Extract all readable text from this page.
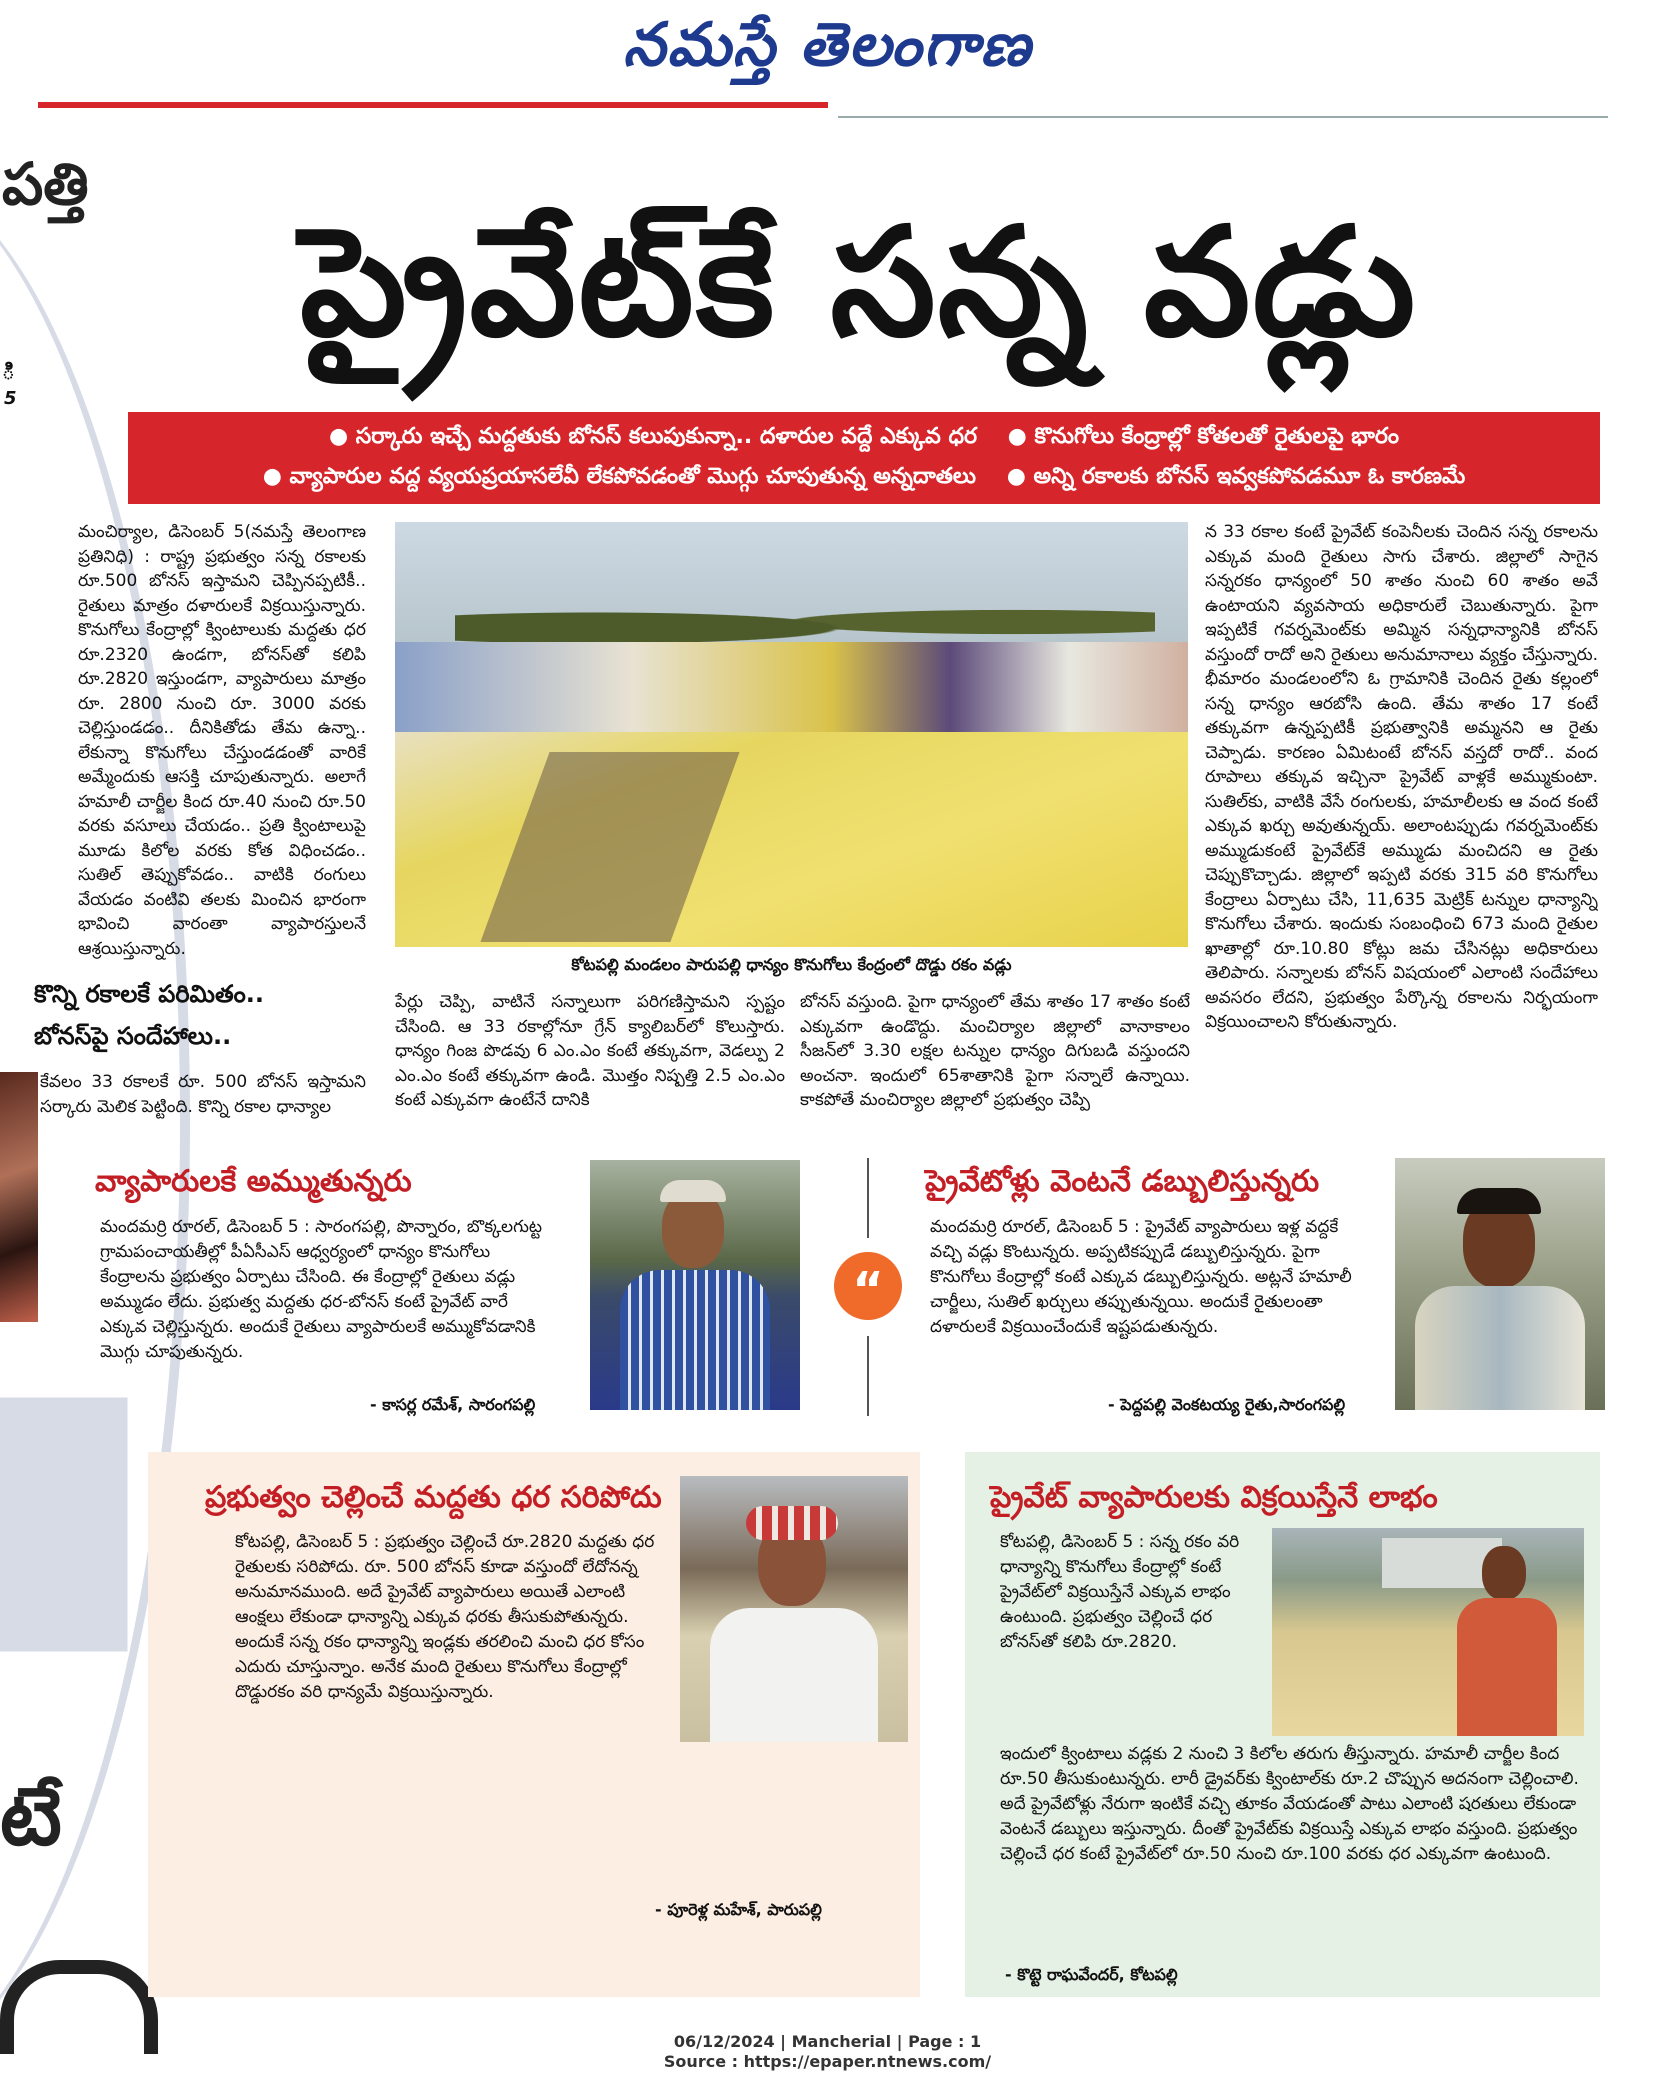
నమస్తే తెలంగాణ
పత్తి
ి
5
టే
ప్రైవేట్‌కే సన్న వడ్లు
● సర్కారు ఇచ్చే మద్దతుకు బోనస్ కలుపుకున్నా.. దళారుల వద్దే ఎక్కువ ధర ● కొనుగోలు కేంద్రాల్లో కోతలతో రైతులపై భారం
● వ్యాపారుల వద్ద వ్యయప్రయాసలేవీ లేకపోవడంతో మొగ్గు చూపుతున్న అన్నదాతలు ● అన్ని రకాలకు బోనస్ ఇవ్వకపోవడమూ ఓ కారణమే
మంచిర్యాల, డిసెంబర్ 5(నమస్తే తెలంగాణ ప్రతినిధి) : రాష్ట్ర ప్రభుత్వం సన్న రకాలకు రూ.500 బోనస్ ఇస్తామని చెప్పినప్పటికీ.. రైతులు మాత్రం దళారులకే విక్రయిస్తున్నారు. కొనుగోలు కేంద్రాల్లో క్వింటాలుకు మద్దతు ధర రూ.2320 ఉండగా, బోనస్‌తో కలిపి రూ.2820 ఇస్తుండగా, వ్యాపారులు మాత్రం రూ. 2800 నుంచి రూ. 3000 వరకు చెల్లిస్తుండడం.. దీనికితోడు తేమ ఉన్నా.. లేకున్నా కొనుగోలు చేస్తుండడంతో వారికే అమ్మేందుకు ఆసక్తి చూపుతున్నారు. అలాగే హమాలీ చార్జీల కింద రూ.40 నుంచి రూ.50 వరకు వసూలు చేయడం.. ప్రతి క్వింటాలుపై మూడు కిలోల వరకు కోత విధించడం.. సుతిల్ తెప్పుకోవడం.. వాటికి రంగులు వేయడం వంటివి తలకు మించిన భారంగా భావించి వారంతా వ్యాపారస్తులనే ఆశ్రయిస్తున్నారు.
కొన్ని రకాలకే పరిమితం..
బోనస్‌పై సందేహాలు..
కేవలం 33 రకాలకే రూ. 500 బోనస్ ఇస్తామని సర్కారు మెలిక పెట్టింది. కొన్ని రకాల ధాన్యాల
కోటపల్లి మండలం పారుపల్లి ధాన్యం కొనుగోలు కేంద్రంలో దొడ్డు రకం వడ్లు
పేర్లు చెప్పి, వాటినే సన్నాలుగా పరిగణిస్తామని స్పష్టం చేసింది. ఆ 33 రకాల్లోనూ గ్రేన్ క్యాలిబర్‌లో కొలుస్తారు. ధాన్యం గింజ పొడవు 6 ఎం.ఎం కంటే తక్కువగా, వెడల్పు 2 ఎం.ఎం కంటే తక్కువగా ఉండి. మొత్తం నిష్పత్తి 2.5 ఎం.ఎం కంటే ఎక్కువగా ఉంటేనే దానికి
బోనస్ వస్తుంది. పైగా ధాన్యంలో తేమ శాతం 17 శాతం కంటే ఎక్కువగా ఉండొద్దు. మంచిర్యాల జిల్లాలో వానాకాలం సీజన్‌లో 3.30 లక్షల టన్నుల ధాన్యం దిగుబడి వస్తుందని అంచనా. ఇందులో 65శాతానికి పైగా సన్నాలే ఉన్నాయి. కాకపోతే మంచిర్యాల జిల్లాలో ప్రభుత్వం చెప్పి
న 33 రకాల కంటే ప్రైవేట్ కంపెనీలకు చెందిన సన్న రకాలను ఎక్కువ మంది రైతులు సాగు చేశారు. జిల్లాలో సాగైన సన్నరకం ధాన్యంలో 50 శాతం నుంచి 60 శాతం అవే ఉంటాయని వ్యవసాయ అధికారులే చెబుతున్నారు. పైగా ఇప్పటికే గవర్నమెంట్‌కు అమ్మిన సన్నధాన్యానికి బోనస్ వస్తుందో రాదో అని రైతులు అనుమానాలు వ్యక్తం చేస్తున్నారు. భీమారం మండలంలోని ఓ గ్రామానికి చెందిన రైతు కల్లంలో సన్న ధాన్యం ఆరబోసి ఉంది. తేమ శాతం 17 కంటే తక్కువగా ఉన్నప్పటికీ ప్రభుత్వానికి అమ్మనని ఆ రైతు చెప్పాడు. కారణం ఏమిటంటే బోనస్ వస్తదో రాదో.. వంద రూపాలు తక్కువ ఇచ్చినా ప్రైవేట్ వాళ్లకే అమ్ముకుంటా. సుతిల్‌కు, వాటికి వేసే రంగులకు, హమాలీలకు ఆ వంద కంటే ఎక్కువ ఖర్చు అవుతున్నయ్. అలాంటప్పుడు గవర్నమెంట్‌కు అమ్ముడుకంటే ప్రైవేట్‌కే అమ్ముడు మంచిదని ఆ రైతు చెప్పుకొచ్చాడు. జిల్లాలో ఇప్పటి వరకు 315 వరి కొనుగోలు కేంద్రాలు ఏర్పాటు చేసి, 11,635 మెట్రిక్ టన్నుల ధాన్యాన్ని కొనుగోలు చేశారు. ఇందుకు సంబంధించి 673 మంది రైతుల ఖాతాల్లో రూ.10.80 కోట్లు జమ చేసినట్లు అధికారులు తెలిపారు. సన్నాలకు బోనస్ విషయంలో ఎలాంటి సందేహాలు అవసరం లేదని, ప్రభుత్వం పేర్కొన్న రకాలను నిర్భయంగా విక్రయించాలని కోరుతున్నారు.
వ్యాపారులకే అమ్ముతున్నరు
మందమర్రి రూరల్, డిసెంబర్ 5 : సారంగపల్లి, పొన్నారం, బొక్కలగుట్ట గ్రామపంచాయతీల్లో పీఏసీఎస్ ఆధ్వర్యంలో ధాన్యం కొనుగోలు కేంద్రాలను ప్రభుత్వం ఏర్పాటు చేసింది. ఈ కేంద్రాల్లో రైతులు వడ్లు అమ్ముడం లేదు. ప్రభుత్వ మద్దతు ధర-బోనస్ కంటే ప్రైవేట్ వారే ఎక్కువ చెల్లిస్తున్నరు. అందుకే రైతులు వ్యాపారులకే అమ్ముకోవడానికి మొగ్గు చూపుతున్నరు.
- కాసర్ల రమేశ్, సారంగపల్లి
“
ప్రైవేటోళ్లు వెంటనే డబ్బులిస్తున్నరు
మందమర్రి రూరల్, డిసెంబర్ 5 : ప్రైవేట్ వ్యాపారులు ఇళ్ల వద్దకే వచ్చి వడ్లు కొంటున్నరు. అప్పటికప్పుడే డబ్బులిస్తున్నరు. పైగా కొనుగోలు కేంద్రాల్లో కంటే ఎక్కువ డబ్బులిస్తున్నరు. అట్లనే హమాలీ చార్జీలు, సుతిల్ ఖర్చులు తప్పుతున్నయి. అందుకే రైతులంతా దళారులకే విక్రయించేందుకే ఇష్టపడుతున్నరు.
- పెద్దపల్లి వెంకటయ్య రైతు,సారంగపల్లి
ప్రభుత్వం చెల్లించే మద్దతు ధర సరిపోదు
కోటపల్లి, డిసెంబర్ 5 : ప్రభుత్వం చెల్లించే రూ.2820 మద్దతు ధర రైతులకు సరిపోదు. రూ. 500 బోనస్ కూడా వస్తుందో లేదోనన్న అనుమానముంది. అదే ప్రైవేట్ వ్యాపారులు అయితే ఎలాంటి ఆంక్షలు లేకుండా ధాన్యాన్ని ఎక్కువ ధరకు తీసుకుపోతున్నరు. అందుకే సన్న రకం ధాన్యాన్ని ఇండ్లకు తరలించి మంచి ధర కోసం ఎదురు చూస్తున్నాం. అనేక మంది రైతులు కొనుగోలు కేంద్రాల్లో దొడ్డురకం వరి ధాన్యమే విక్రయిస్తున్నారు.
- పూరెళ్ల మహేశ్, పారుపల్లి
ప్రైవేట్ వ్యాపారులకు విక్రయిస్తేనే లాభం
కోటపల్లి, డిసెంబర్ 5 : సన్న రకం వరి ధాన్యాన్ని కొనుగోలు కేంద్రాల్లో కంటే ప్రైవేట్‌లో విక్రయిస్తేనే ఎక్కువ లాభం ఉంటుంది. ప్రభుత్వం చెల్లించే ధర బోనస్‌తో కలిపి రూ.2820.
ఇందులో క్వింటాలు వడ్లకు 2 నుంచి 3 కిలోల తరుగు తీస్తున్నారు. హమాలీ చార్జీల కింద రూ.50 తీసుకుంటున్నరు. లారీ డ్రైవర్‌కు క్వింటాల్‌కు రూ.2 చొప్పున అదనంగా చెల్లించాలి. అదే ప్రైవేటోళ్లు నేరుగా ఇంటికే వచ్చి తూకం వేయడంతో పాటు ఎలాంటి షరతులు లేకుండా వెంటనే డబ్బులు ఇస్తున్నారు. దీంతో ప్రైవేట్‌కు విక్రయిస్తే ఎక్కువ లాభం వస్తుంది. ప్రభుత్వం చెల్లించే ధర కంటే ప్రైవేట్‌లో రూ.50 నుంచి రూ.100 వరకు ధర ఎక్కువగా ఉంటుంది.
- కొట్టె రాఘవేందర్, కోటపల్లి
06/12/2024 | Mancherial | Page : 1
Source : https://epaper.ntnews.com/
